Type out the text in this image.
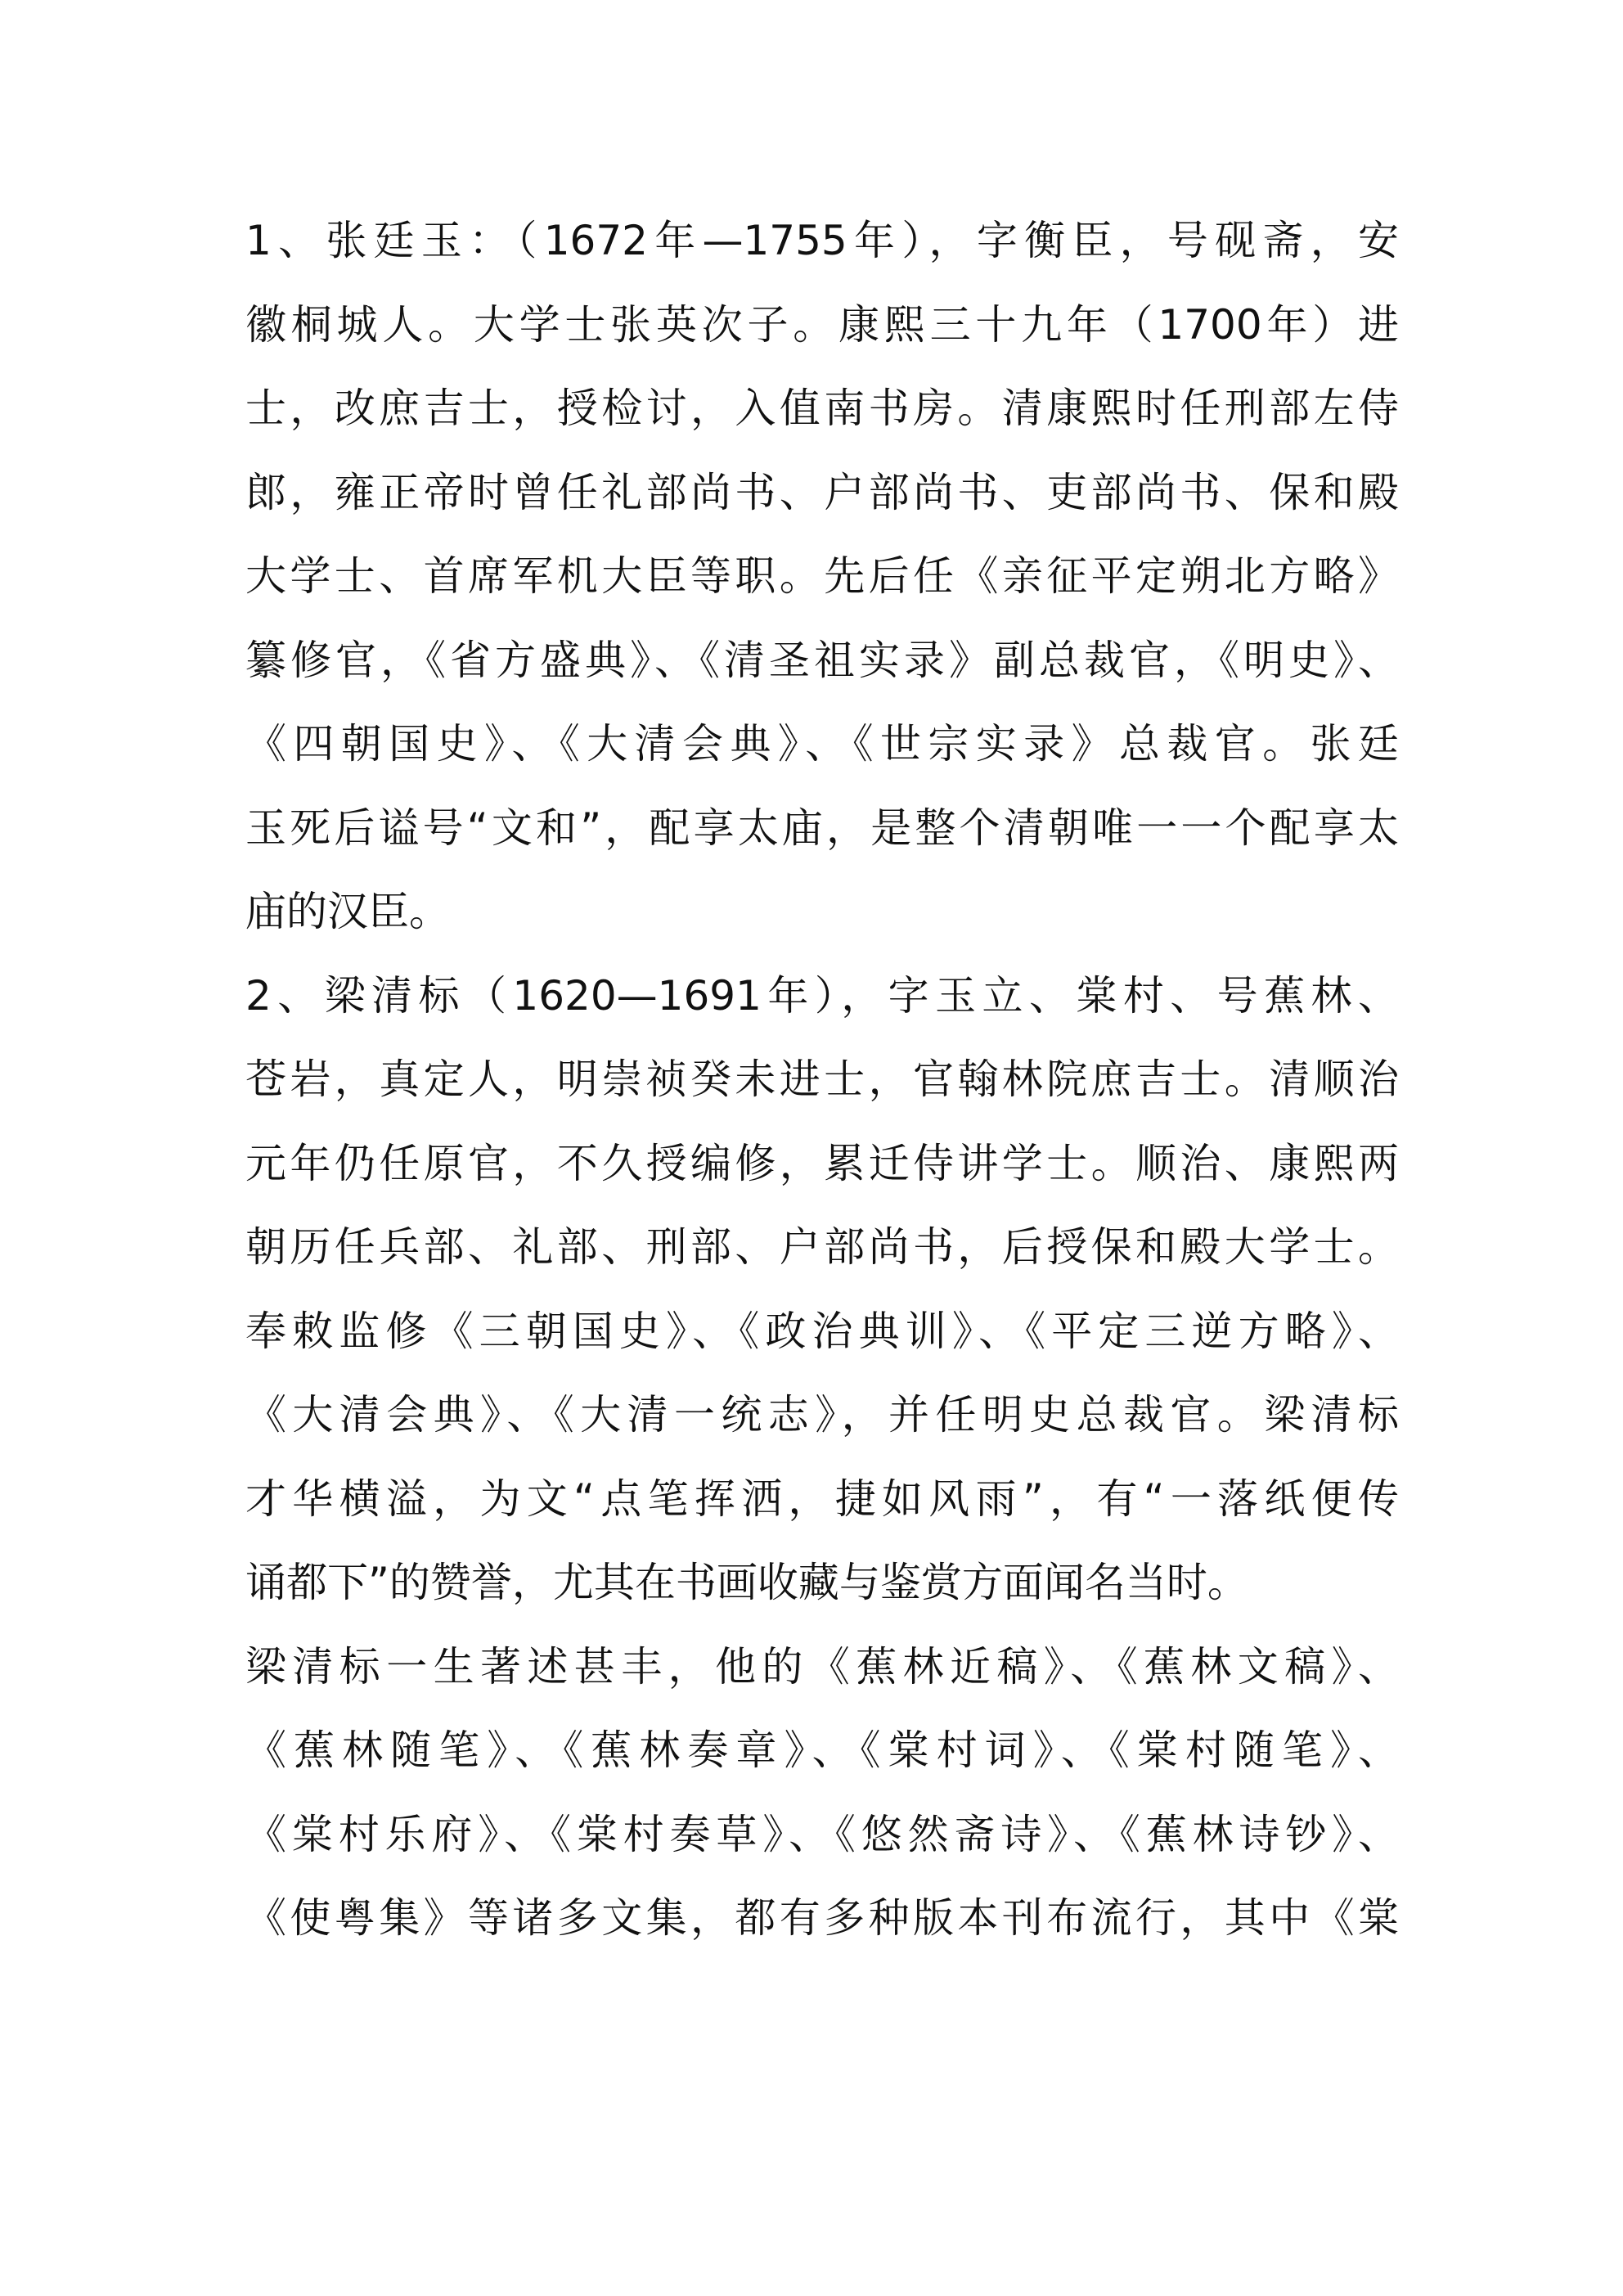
1、张廷玉：（1672年—1755年），字衡臣，号砚斋，安
徽桐城人。大学士张英次子。康熙三十九年（1700年）进
士，改庶吉士，授检讨，入值南书房。清康熙时任刑部左侍
郎，雍正帝时曾任礼部尚书、户部尚书、吏部尚书、保和殿
大学士、首席军机大臣等职。先后任《亲征平定朔北方略》
纂修官，《省方盛典》、《清圣祖实录》副总裁官，《明史》、
《四朝国史》、《大清会典》、《世宗实录》总裁官。张廷
玉死后谥号“文和”，配享太庙，是整个清朝唯一一个配享太
庙的汉臣。
2、梁清标（1620—1691年），字玉立、棠村、号蕉林、
苍岩，真定人，明崇祯癸未进士，官翰林院庶吉士。清顺治
元年仍任原官，不久授编修，累迁侍讲学士。顺治、康熙两
朝历任兵部、礼部、刑部、户部尚书，后授保和殿大学士。
奉敕监修《三朝国史》、《政治典训》、《平定三逆方略》、
《大清会典》、《大清一统志》，并任明史总裁官。梁清标
才华横溢，为文“点笔挥洒，捷如风雨”，有“一落纸便传
诵都下”的赞誉，尤其在书画收藏与鉴赏方面闻名当时。
梁清标一生著述甚丰，他的《蕉林近稿》、《蕉林文稿》、
《蕉林随笔》、《蕉林奏章》、《棠村词》、《棠村随笔》、
《棠村乐府》、《棠村奏草》、《悠然斋诗》、《蕉林诗钞》、
《使粤集》等诸多文集，都有多种版本刊布流行，其中《棠
